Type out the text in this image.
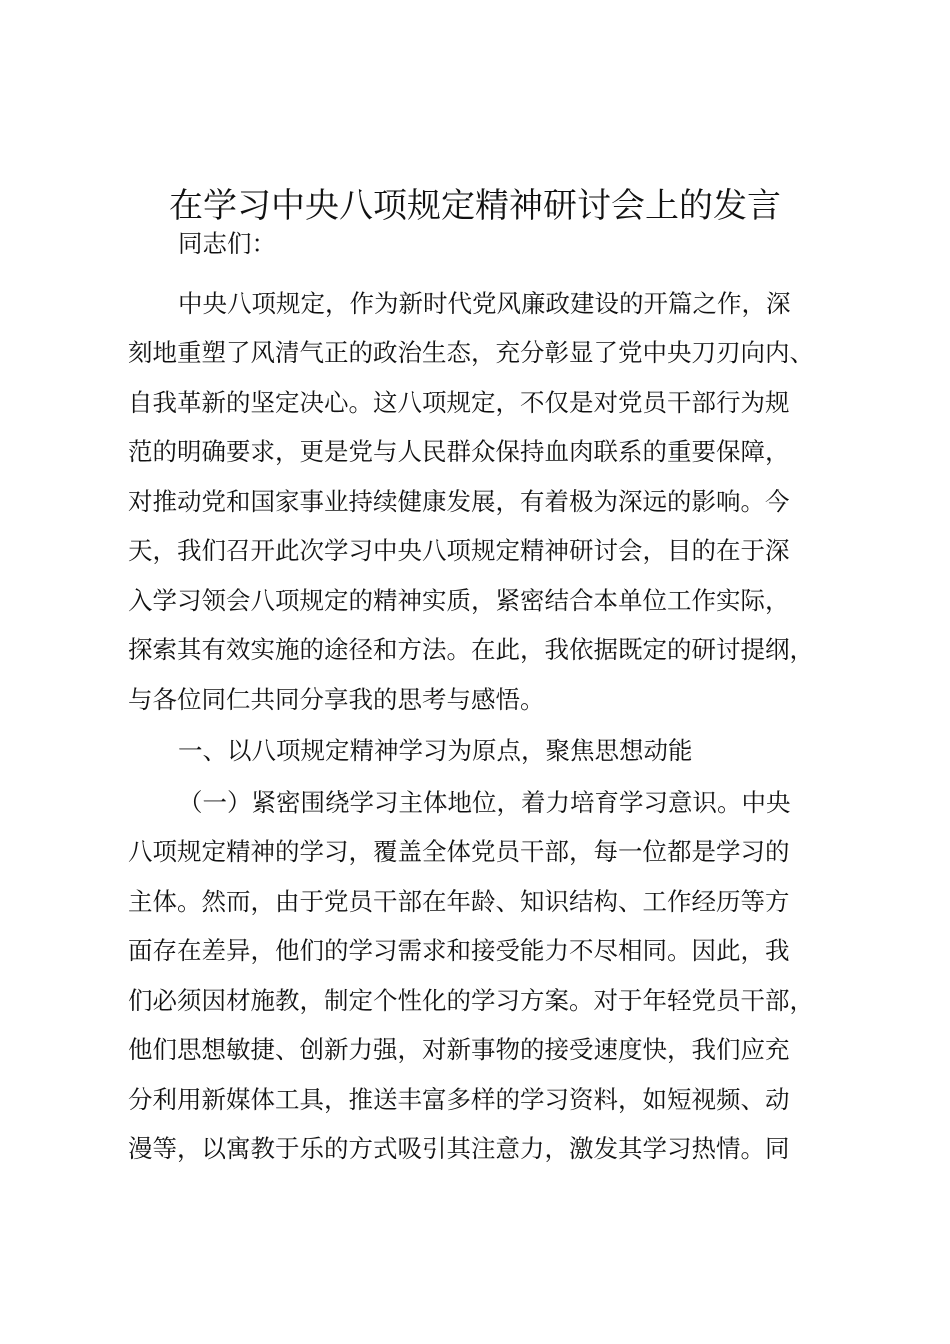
在学习中央八项规定精神研讨会上的发言
同志们：
中央八项规定，作为新时代党风廉政建设的开篇之作，深
刻地重塑了风清气正的政治生态，充分彰显了党中央刀刃向内、
自我革新的坚定决心。这八项规定，不仅是对党员干部行为规
范的明确要求，更是党与人民群众保持血肉联系的重要保障，
对推动党和国家事业持续健康发展，有着极为深远的影响。今
天，我们召开此次学习中央八项规定精神研讨会，目的在于深
入学习领会八项规定的精神实质，紧密结合本单位工作实际，
探索其有效实施的途径和方法。在此，我依据既定的研讨提纲，
与各位同仁共同分享我的思考与感悟。
一、以八项规定精神学习为原点，聚焦思想动能
（一）紧密围绕学习主体地位，着力培育学习意识。中央
八项规定精神的学习，覆盖全体党员干部，每一位都是学习的
主体。然而，由于党员干部在年龄、知识结构、工作经历等方
面存在差异，他们的学习需求和接受能力不尽相同。因此，我
们必须因材施教，制定个性化的学习方案。对于年轻党员干部，
他们思想敏捷、创新力强，对新事物的接受速度快，我们应充
分利用新媒体工具，推送丰富多样的学习资料，如短视频、动
漫等，以寓教于乐的方式吸引其注意力，激发其学习热情。同
